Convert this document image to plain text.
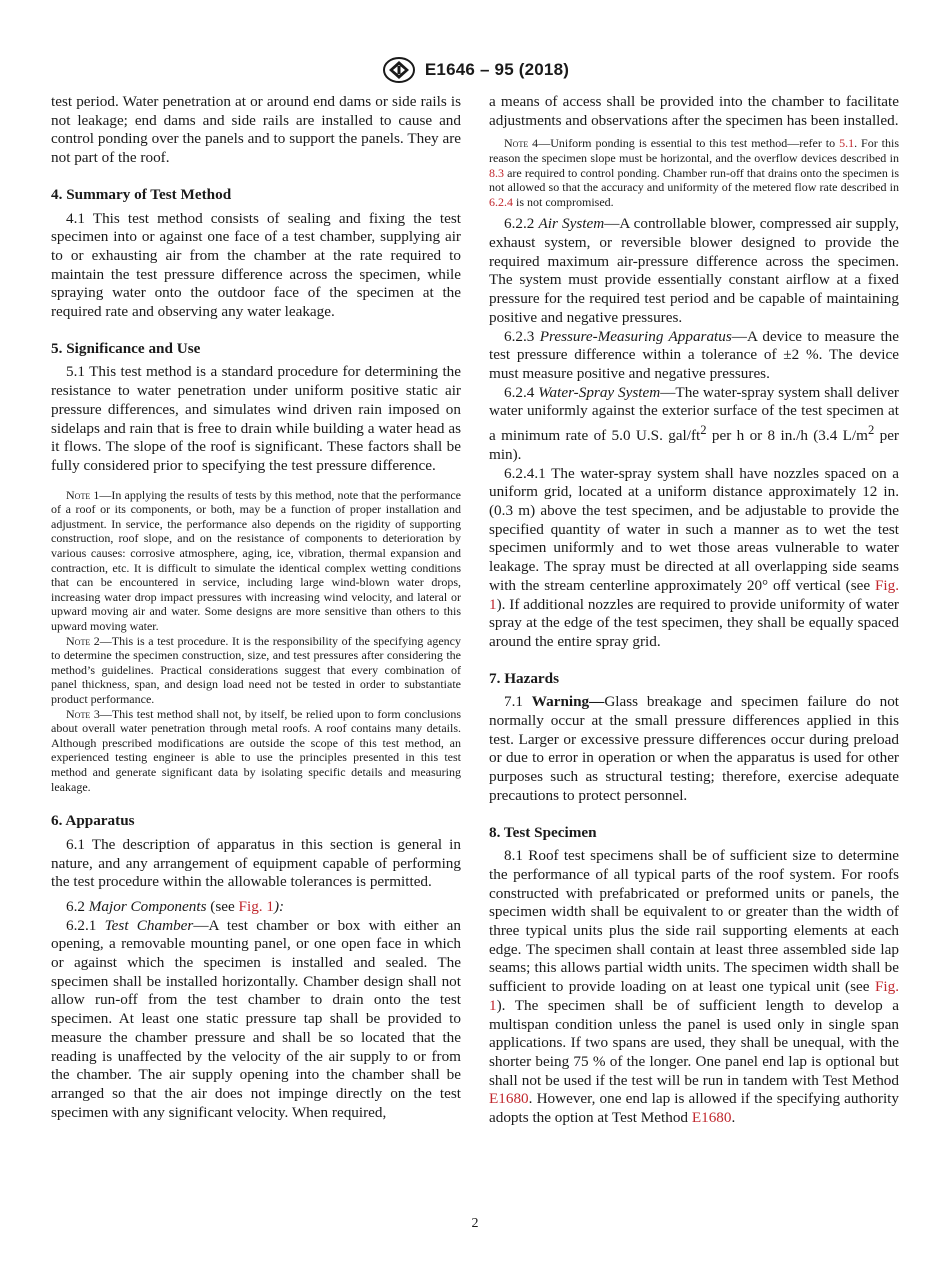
E1646 – 95 (2018)

test period. Water penetration at or around end dams or side rails is not leakage; end dams and side rails are installed to cause and control ponding over the panels and to support the panels. They are not part of the roof.

4. Summary of Test Method

4.1 This test method consists of sealing and fixing the test specimen into or against one face of a test chamber, supplying air to or exhausting air from the chamber at the rate required to maintain the test pressure difference across the specimen, while spraying water onto the outdoor face of the specimen at the required rate and observing any water leakage.

5. Significance and Use

5.1 This test method is a standard procedure for determining the resistance to water penetration under uniform positive static air pressure differences, and simulates wind driven rain imposed on sidelaps and rain that is free to drain while building a water head as it flows. The slope of the roof is significant. These factors shall be fully considered prior to specifying the test pressure difference.

Note 1—In applying the results of tests by this method, note that the performance of a roof or its components, or both, may be a function of proper installation and adjustment. In service, the performance also depends on the rigidity of supporting construction, roof slope, and on the resistance of components to deterioration by various causes: corrosive atmosphere, aging, ice, vibration, thermal expansion and contraction, etc. It is difficult to simulate the identical complex wetting conditions that can be encountered in service, including large wind-blown water drops, increasing water drop impact pressures with increasing wind velocity, and lateral or upward moving air and water. Some designs are more sensitive than others to this upward moving water.

Note 2—This is a test procedure. It is the responsibility of the specifying agency to determine the specimen construction, size, and test pressures after considering the method’s guidelines. Practical considerations suggest that every combination of panel thickness, span, and design load need not be tested in order to substantiate product performance.

Note 3—This test method shall not, by itself, be relied upon to form conclusions about overall water penetration through metal roofs. A roof contains many details. Although prescribed modifications are outside the scope of this test method, an experienced testing engineer is able to use the principles presented in this test method and generate significant data by isolating specific details and measuring leakage.

6. Apparatus

6.1 The description of apparatus in this section is general in nature, and any arrangement of equipment capable of performing the test procedure within the allowable tolerances is permitted.

6.2 Major Components (see Fig. 1):

6.2.1 Test Chamber—A test chamber or box with either an opening, a removable mounting panel, or one open face in which or against which the specimen is installed and sealed. The specimen shall be installed horizontally. Chamber design shall not allow run-off from the test chamber to drain onto the test specimen. At least one static pressure tap shall be provided to measure the chamber pressure and shall be so located that the reading is unaffected by the velocity of the air supply to or from the chamber. The air supply opening into the chamber shall be arranged so that the air does not impinge directly on the test specimen with any significant velocity. When required,

a means of access shall be provided into the chamber to facilitate adjustments and observations after the specimen has been installed.

Note 4—Uniform ponding is essential to this test method—refer to 5.1. For this reason the specimen slope must be horizontal, and the overflow devices described in 8.3 are required to control ponding. Chamber run-off that drains onto the specimen is not allowed so that the accuracy and uniformity of the metered flow rate described in 6.2.4 is not compromised.

6.2.2 Air System—A controllable blower, compressed air supply, exhaust system, or reversible blower designed to provide the required maximum air-pressure difference across the specimen. The system must provide essentially constant airflow at a fixed pressure for the required test period and be capable of maintaining positive and negative pressures.

6.2.3 Pressure-Measuring Apparatus—A device to measure the test pressure difference within a tolerance of ±2 %. The device must measure positive and negative pressures.

6.2.4 Water-Spray System—The water-spray system shall deliver water uniformly against the exterior surface of the test specimen at a minimum rate of 5.0 U.S. gal/$ft^2$ per h or 8 in./h (3.4 $L/m^2$ per min).

6.2.4.1 The water-spray system shall have nozzles spaced on a uniform grid, located at a uniform distance approximately 12 in. (0.3 m) above the test specimen, and be adjustable to provide the specified quantity of water in such a manner as to wet the test specimen uniformly and to wet those areas vulnerable to water leakage. The spray must be directed at all overlapping side seams with the stream centerline approximately 20° off vertical (see Fig. 1). If additional nozzles are required to provide uniformity of water spray at the edge of the test specimen, they shall be equally spaced around the entire spray grid.

7. Hazards

7.1 Warning—Glass breakage and specimen failure do not normally occur at the small pressure differences applied in this test. Larger or excessive pressure differences occur during preload or due to error in operation or when the apparatus is used for other purposes such as structural testing; therefore, exercise adequate precautions to protect personnel.

8. Test Specimen

8.1 Roof test specimens shall be of sufficient size to determine the performance of all typical parts of the roof system. For roofs constructed with prefabricated or preformed units or panels, the specimen width shall be equivalent to or greater than the width of three typical units plus the side rail supporting elements at each edge. The specimen shall contain at least three assembled side lap seams; this allows partial width units. The specimen width shall be sufficient to provide loading on at least one typical unit (see Fig. 1). The specimen shall be of sufficient length to develop a multispan condition unless the panel is used only in single span applications. If two spans are used, they shall be unequal, with the shorter being 75 % of the longer. One panel end lap is optional but shall not be used if the test will be run in tandem with Test Method E1680. However, one end lap is allowed if the specifying authority adopts the option at Test Method E1680.

2
